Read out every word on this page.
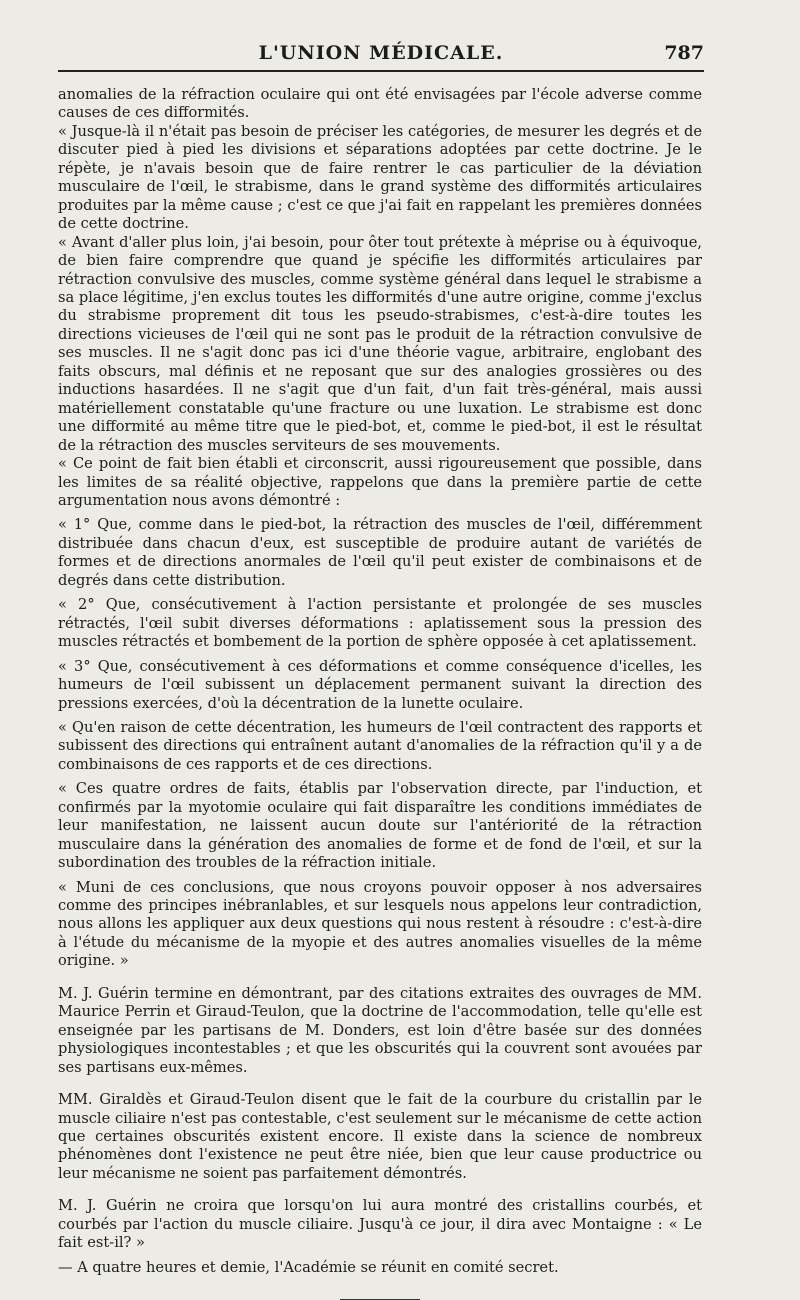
L'UNION MÉDICALE.	787

anomalies de la réfraction oculaire qui ont été envisagées par l'école adverse comme causes de ces difformités.

« Jusque-là il n'était pas besoin de préciser les catégories, de mesurer les degrés et de discuter pied à pied les divisions et séparations adoptées par cette doctrine. Je le répète, je n'avais besoin que de faire rentrer le cas particulier de la déviation musculaire de l'œil, le strabisme, dans le grand système des difformités articulaires produites par la même cause ; c'est ce que j'ai fait en rappelant les premières données de cette doctrine.

« Avant d'aller plus loin, j'ai besoin, pour ôter tout prétexte à méprise ou à équivoque, de bien faire comprendre que quand je spécifie les difformités articulaires par rétraction convulsive des muscles, comme système général dans lequel le strabisme a sa place légitime, j'en exclus toutes les difformités d'une autre origine, comme j'exclus du strabisme proprement dit tous les pseudo-strabismes, c'est-à-dire toutes les directions vicieuses de l'œil qui ne sont pas le produit de la rétraction convulsive de ses muscles. Il ne s'agit donc pas ici d'une théorie vague, arbitraire, englobant des faits obscurs, mal définis et ne reposant que sur des analogies grossières ou des inductions hasardées. Il ne s'agit que d'un fait, d'un fait très-général, mais aussi matériellement constatable qu'une fracture ou une luxation. Le strabisme est donc une difformité au même titre que le pied-bot, et, comme le pied-bot, il est le résultat de la rétraction des muscles serviteurs de ses mouvements.

« Ce point de fait bien établi et circonscrit, aussi rigoureusement que possible, dans les limites de sa réalité objective, rappelons que dans la première partie de cette argumentation nous avons démontré :

« 1° Que, comme dans le pied-bot, la rétraction des muscles de l'œil, différemment distribuée dans chacun d'eux, est susceptible de produire autant de variétés de formes et de directions anormales de l'œil qu'il peut exister de combinaisons et de degrés dans cette distribution.

« 2° Que, consécutivement à l'action persistante et prolongée de ses muscles rétractés, l'œil subit diverses déformations : aplatissement sous la pression des muscles rétractés et bombement de la portion de sphère opposée à cet aplatissement.

« 3° Que, consécutivement à ces déformations et comme conséquence d'icelles, les humeurs de l'œil subissent un déplacement permanent suivant la direction des pressions exercées, d'où la décentration de la lunette oculaire.

« Qu'en raison de cette décentration, les humeurs de l'œil contractent des rapports et subissent des directions qui entraînent autant d'anomalies de la réfraction qu'il y a de combinaisons de ces rapports et de ces directions.

« Ces quatre ordres de faits, établis par l'observation directe, par l'induction, et confirmés par la myotomie oculaire qui fait disparaître les conditions immédiates de leur manifestation, ne laissent aucun doute sur l'antériorité de la rétraction musculaire dans la génération des anomalies de forme et de fond de l'œil, et sur la subordination des troubles de la réfraction initiale.

« Muni de ces conclusions, que nous croyons pouvoir opposer à nos adversaires comme des principes inébranlables, et sur lesquels nous appelons leur contradiction, nous allons les appliquer aux deux questions qui nous restent à résoudre : c'est-à-dire à l'étude du mécanisme de la myopie et des autres anomalies visuelles de la même origine. »

M. J. Guérin termine en démontrant, par des citations extraites des ouvrages de MM. Maurice Perrin et Giraud-Teulon, que la doctrine de l'accommodation, telle qu'elle est enseignée par les partisans de M. Donders, est loin d'être basée sur des données physiologiques incontestables ; et que les obscurités qui la couvrent sont avouées par ses partisans eux-mêmes.

MM. Giraldès et Giraud-Teulon disent que le fait de la courbure du cristallin par le muscle ciliaire n'est pas contestable, c'est seulement sur le mécanisme de cette action que certaines obscurités existent encore. Il existe dans la science de nombreux phénomènes dont l'existence ne peut être niée, bien que leur cause productrice ou leur mécanisme ne soient pas parfaitement démontrés.

M. J. Guérin ne croira que lorsqu'on lui aura montré des cristallins courbés, et courbés par l'action du muscle ciliaire. Jusqu'à ce jour, il dira avec Montaigne : « Le fait est-il? »

— A quatre heures et demie, l'Académie se réunit en comité secret.
